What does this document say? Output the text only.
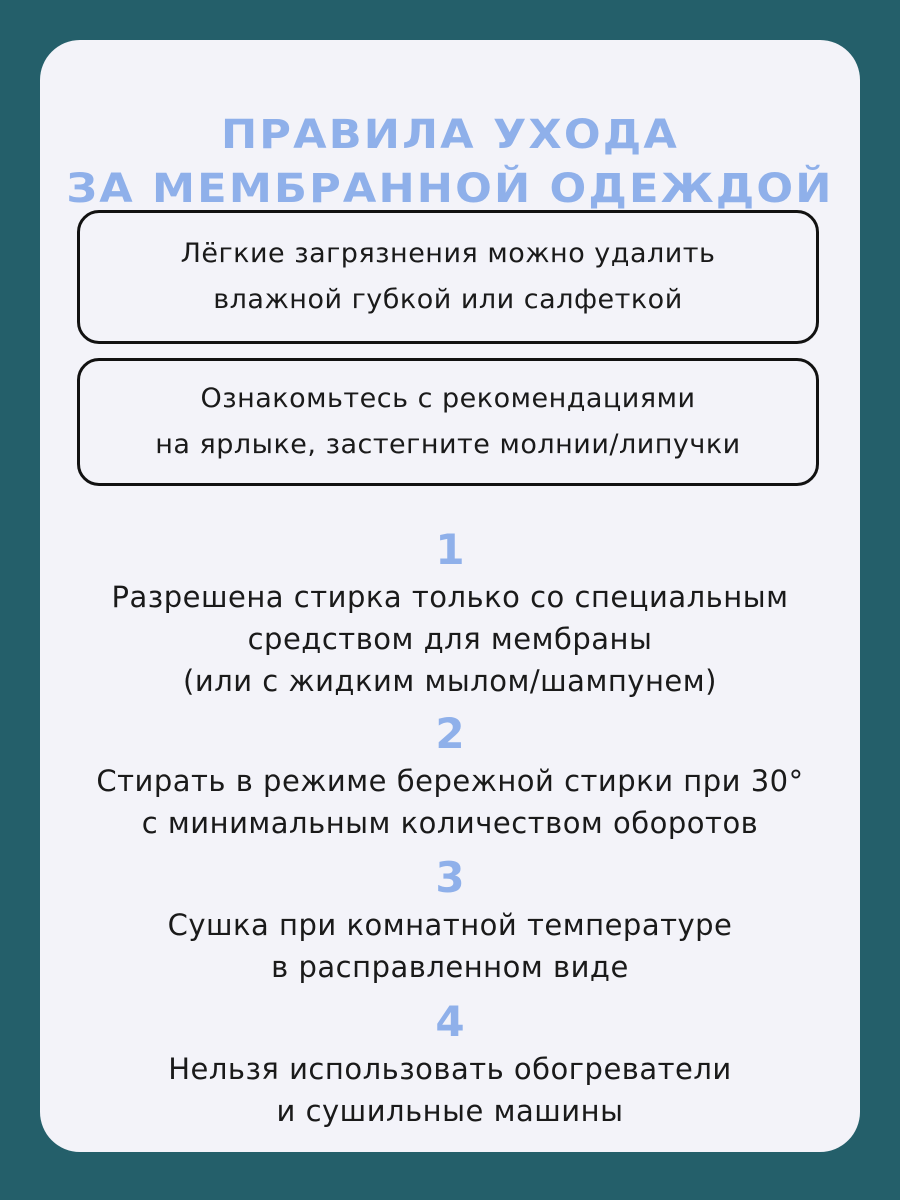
ПРАВИЛА УХОДА
ЗА МЕМБРАННОЙ ОДЕЖДОЙ
Лёгкие загрязнения можно удалить
влажной губкой или салфеткой
Ознакомьтесь с рекомендациями
на ярлыке, застегните молнии/липучки
1
Разрешена стирка только со специальным
средством для мембраны
(или с жидким мылом/шампунем)
2
Стирать в режиме бережной стирки при 30°
с минимальным количеством оборотов
3
Сушка при комнатной температуре
в расправленном виде
4
Нельзя использовать обогреватели
и сушильные машины
